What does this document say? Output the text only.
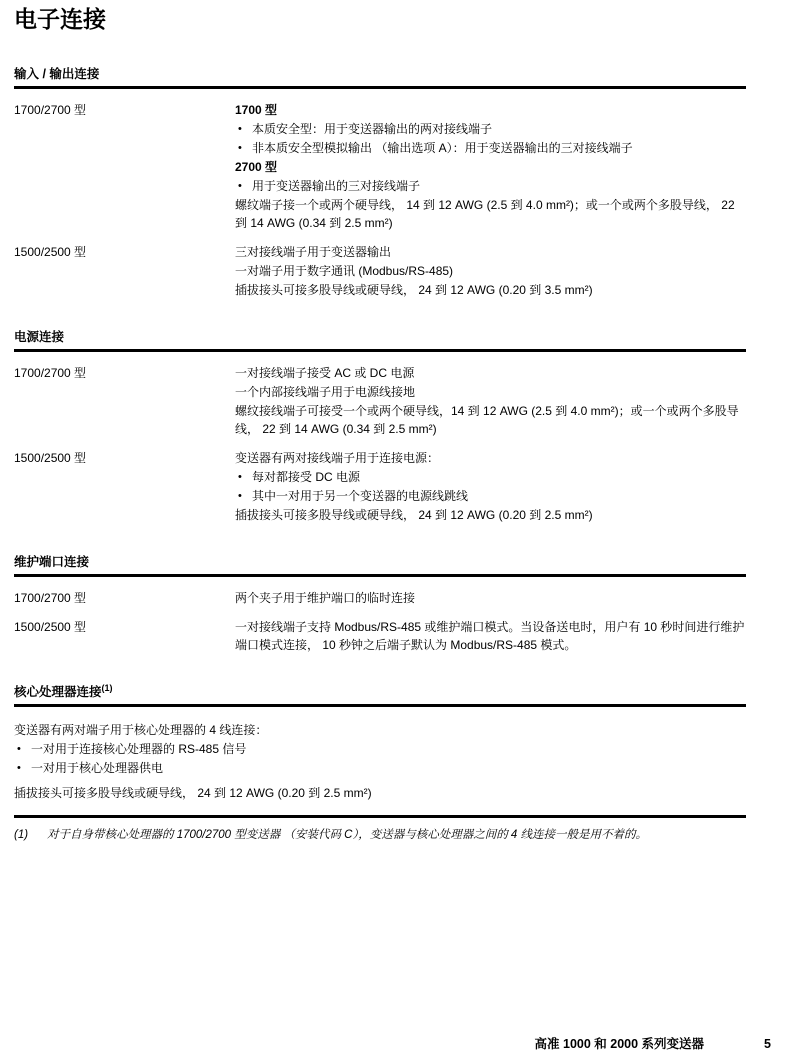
电子连接
输入 / 输出连接
1700/2700 型	1700 型

• 本质安全型：用于变送器输出的两对接线端子
• 非本质安全型模拟输出 （输出选项 A）：用于变送器输出的三对接线端子

2700 型

• 用于变送器输出的三对接线端子

螺纹端子接一个或两个硬导线， 14 到 12 AWG (2.5 到 4.0 mm²)；或一个或两个多股导线， 22 到 14 AWG (0.34 到 2.5 mm²)

1500/2500 型	三对接线端子用于变送器输出

一对端子用于数字通讯 (Modbus/RS-485)

插拔接头可接多股导线或硬导线， 24 到 12 AWG (0.20 到 3.5 mm²)

电源连接
1700/2700 型	一对接线端子接受 AC 或 DC 电源

一个内部接线端子用于电源线接地

螺纹接线端子可接受一个或两个硬导线，14 到 12 AWG (2.5 到 4.0 mm²)；或一个或两个多股导线， 22 到 14 AWG (0.34 到 2.5 mm²)

1500/2500 型	变送器有两对接线端子用于连接电源：

• 每对都接受 DC 电源
• 其中一对用于另一个变送器的电源线跳线

插拔接头可接多股导线或硬导线， 24 到 12 AWG (0.20 到 2.5 mm²)

维护端口连接
1700/2700 型	两个夹子用于维护端口的临时连接

1500/2500 型	一对接线端子支持 Modbus/RS-485 或维护端口模式。当设备送电时，用户有 10 秒时间进行维护端口模式连接， 10 秒钟之后端子默认为 Modbus/RS-485 模式。

核心处理器连接$^{(1)}$

变送器有两对端子用于核心处理器的 4 线连接：

• 一对用于连接核心处理器的 RS-485 信号
• 一对用于核心处理器供电

插拔接头可接多股导线或硬导线， 24 到 12 AWG (0.20 到 2.5 mm²)

(1)	对于自身带核心处理器的 1700/2700 型变送器 （安装代码 C），变送器与核心处理器之间的 4 线连接一般是用不着的。
高准 1000 和 2000 系列变送器	5
